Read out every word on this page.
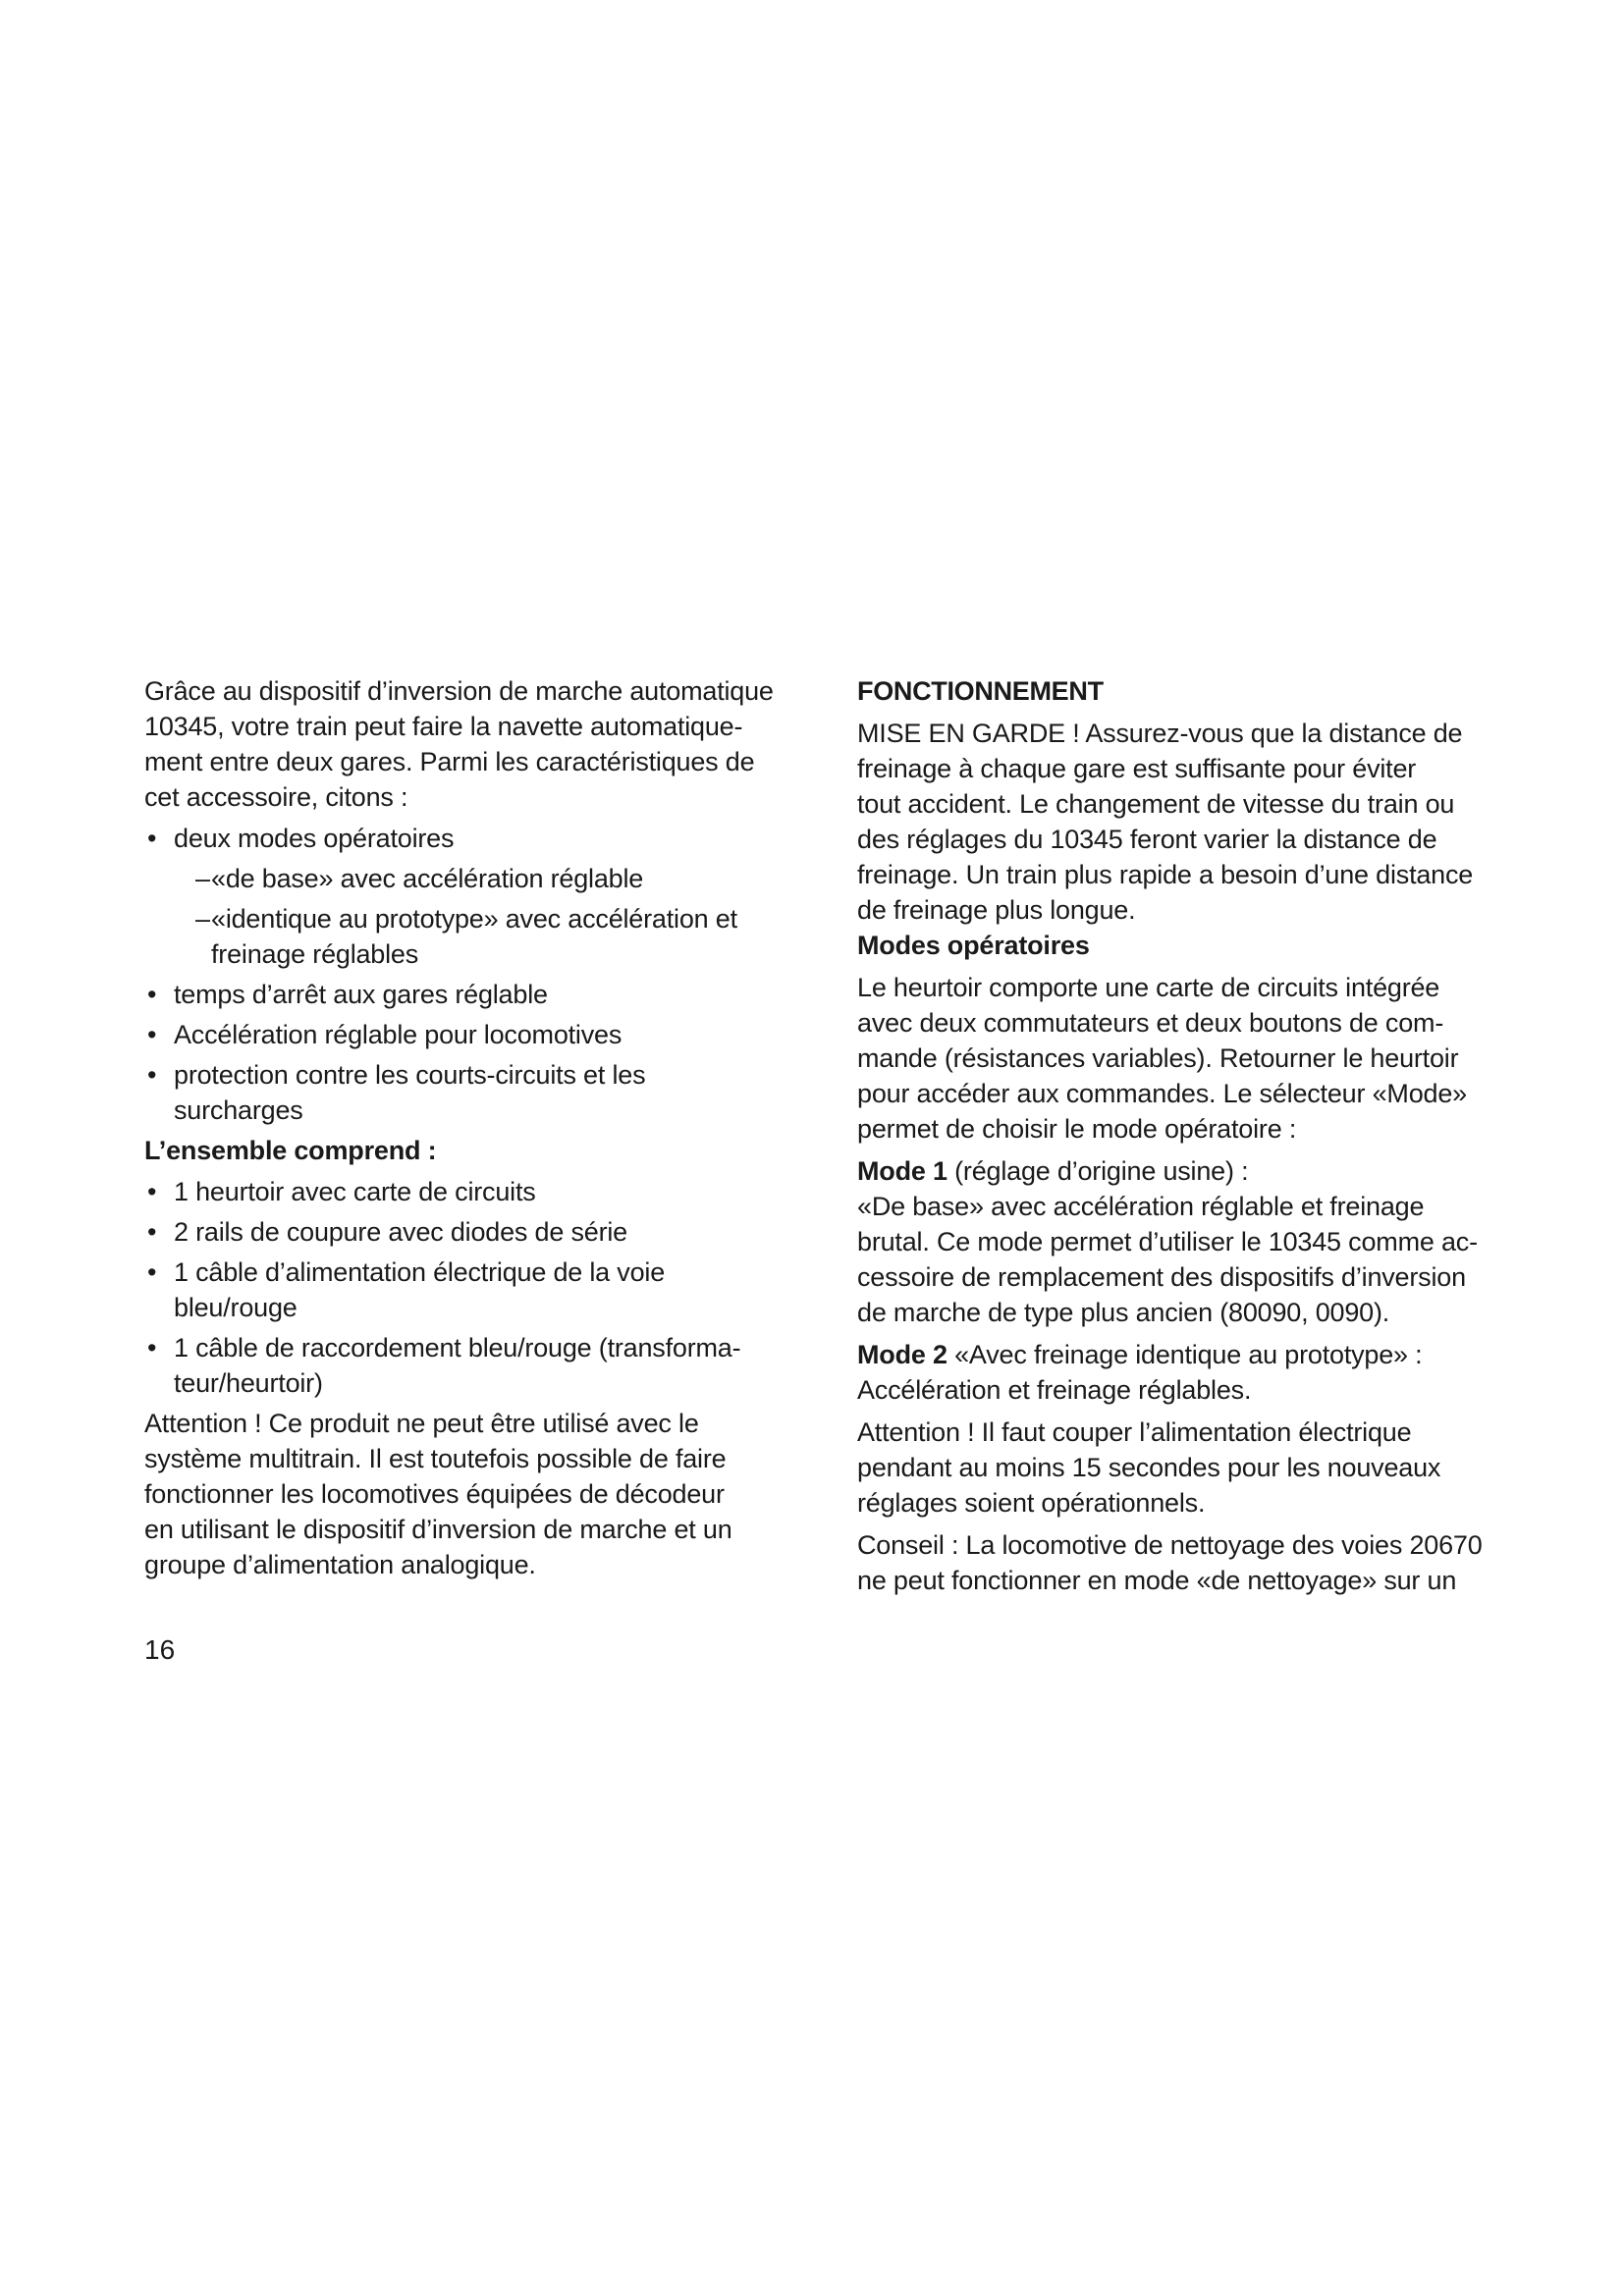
Grâce au dispositif d’inversion de marche automatique
10345, votre train peut faire la navette automatique-
ment entre deux gares. Parmi les caractéristiques de
cet accessoire, citons :

• deux modes opératoires
– «de base» avec accélération réglable
– «identique au prototype» avec accélération et
freinage réglables
• temps d’arrêt aux gares réglable
• Accélération réglable pour locomotives
• protection contre les courts-circuits et les
surcharges

L’ensemble comprend :

• 1 heurtoir avec carte de circuits
• 2 rails de coupure avec diodes de série
• 1 câble d’alimentation électrique de la voie bleu/rouge
• 1 câble de raccordement bleu/rouge (transforma-
teur/heurtoir)

Attention ! Ce produit ne peut être utilisé avec le
système multitrain. Il est toutefois possible de faire
fonctionner les locomotives équipées de décodeur
en utilisant le dispositif d’inversion de marche et un
groupe d’alimentation analogique.

FONCTIONNEMENT

MISE EN GARDE ! Assurez-vous que la distance de
freinage à chaque gare est suffisante pour éviter
tout accident. Le changement de vitesse du train ou
des réglages du 10345 feront varier la distance de
freinage. Un train plus rapide a besoin d’une distance
de freinage plus longue.

Modes opératoires

Le heurtoir comporte une carte de circuits intégrée
avec deux commutateurs et deux boutons de com-
mande (résistances variables). Retourner le heurtoir
pour accéder aux commandes. Le sélecteur «Mode»
permet de choisir le mode opératoire :

Mode 1 (réglage d’origine usine) :
«De base» avec accélération réglable et freinage
brutal. Ce mode permet d’utiliser le 10345 comme ac-
cessoire de remplacement des dispositifs d’inversion
de marche de type plus ancien (80090, 0090).

Mode 2 «Avec freinage identique au prototype» :
Accélération et freinage réglables.

Attention ! Il faut couper l’alimentation électrique
pendant au moins 15 secondes pour les nouveaux
réglages soient opérationnels.

Conseil : La locomotive de nettoyage des voies 20670
ne peut fonctionner en mode «de nettoyage» sur un

16
